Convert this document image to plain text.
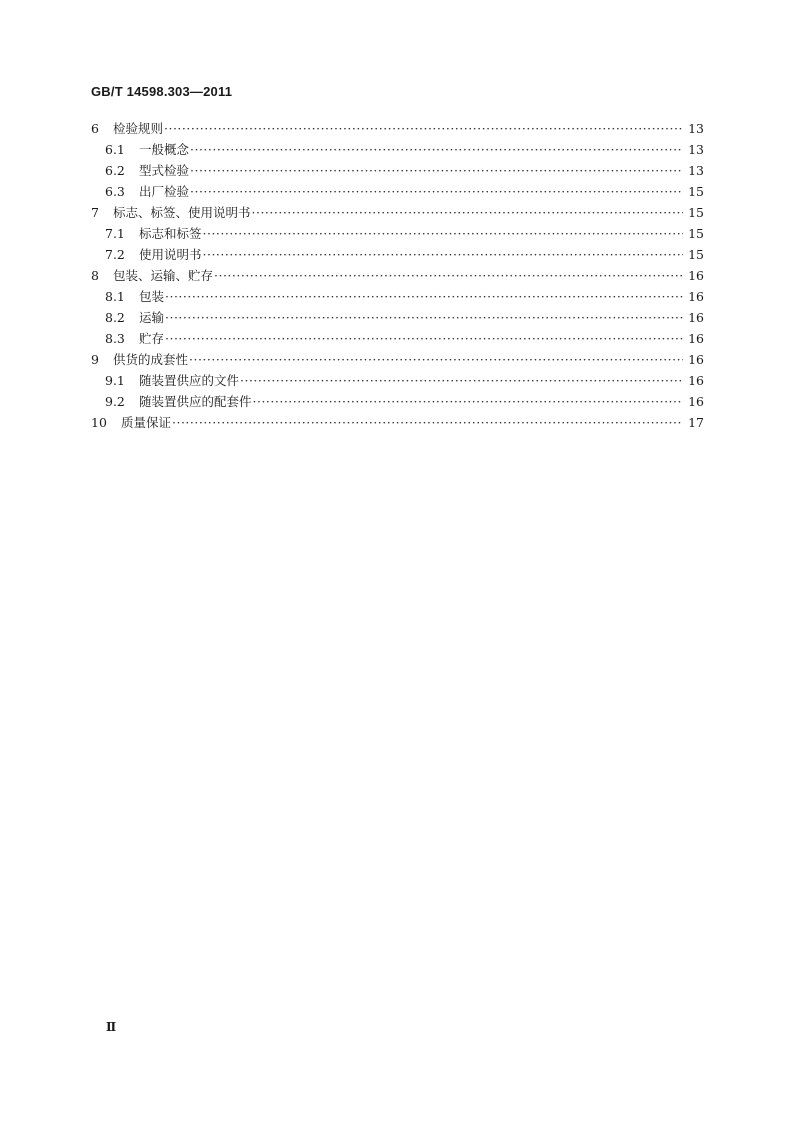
GB/T 14598.303—2011
6	检验规则 ·····	13
6.1	一般概念 ·····	13
6.2	型式检验 ·····	13
6.3	出厂检验 ·····	15
7	标志、标签、使用说明书 ·····	15
7.1	标志和标签 ·····	15
7.2	使用说明书 ·····	15
8	包装、运输、贮存 ·····	16
8.1	包装 ·····	16
8.2	运输 ·····	16
8.3	贮存 ·····	16
9	供货的成套性 ·····	16
9.1	随装置供应的文件 ·····	16
9.2	随装置供应的配套件 ·····	16
10	质量保证 ·····	17
Ⅱ
